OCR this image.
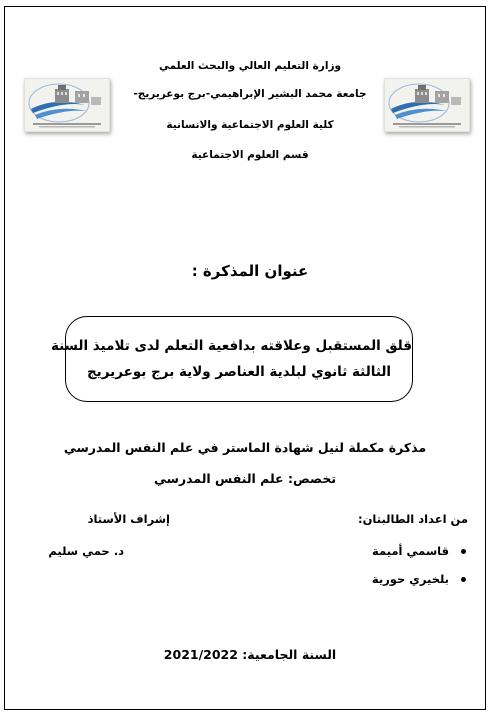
وزارة التعليم العالي والبحث العلمي
جامعة محمد البشير الإبراهيمي-برج بوعريريج-
كلية العلوم الاجتماعية والانسانية
قسم العلوم الاجتماعية
عنوان المذكرة :
قلق المستقبل وعلاقته بدافعية التعلم لدى تلاميذ السنة
الثالثة ثانوي لبلدية العناصر ولاية برج بوعريريج
مذكرة مكملة لنيل شهادة الماستر في علم النفس المدرسي
تخصص: علم النفس المدرسي
من اعداد الطالبتان:
إشراف الأستاذ
قاسمي أميمة
بلخيري حورية
د. حمي سليم
السنة الجامعية: 2021/2022
